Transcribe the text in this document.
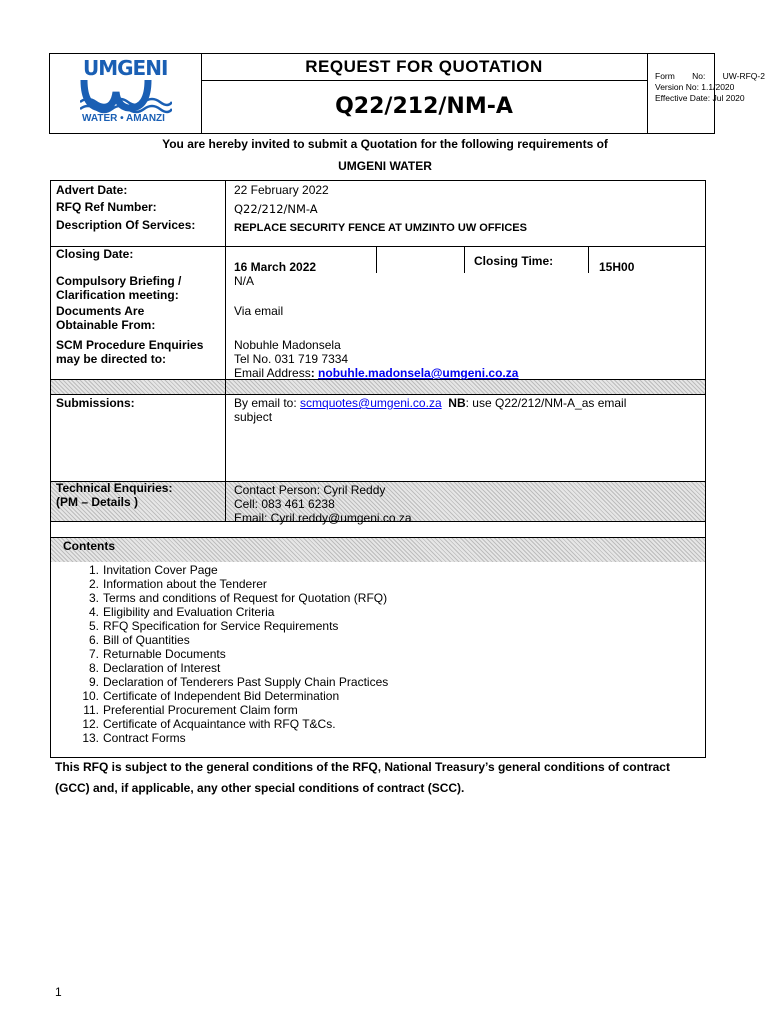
UMGENI
WATER • AMANZI
REQUEST FOR QUOTATION
Q22/212/NM-A
Form No: UW-RFQ-2
Version No: 1.1/2020
Effective Date: Jul 2020
You are hereby invited to submit a Quotation for the following requirements of
UMGENI WATER
Advert Date:
RFQ Ref Number:
Description Of Services:
Closing Date:
Compulsory Briefing /
Clarification meeting:
Documents Are
Obtainable From:
SCM Procedure Enquiries
may be directed to:
Submissions:
Technical Enquiries:
(PM – Details )
22 February 2022
Q22/212/NM-A
REPLACE SECURITY FENCE AT UMZINTO UW OFFICES
16 March 2022	Closing Time:	15H00
N/A
Via email
Nobuhle Madonsela
Tel No. 031 719 7334
Email Address: nobuhle.madonsela@umgeni.co.za
By email to: scmquotes@umgeni.co.za NB: use Q22/212/NM-A_as email
subject
Contact Person: Cyril Reddy
Cell: 083 461 6238
Email: Cyril.reddy@umgeni.co.za
Contents
1. Invitation Cover Page
2. Information about the Tenderer
3. Terms and conditions of Request for Quotation (RFQ)
4. Eligibility and Evaluation Criteria
5. RFQ Specification for Service Requirements
6. Bill of Quantities
7. Returnable Documents
8. Declaration of Interest
9. Declaration of Tenderers Past Supply Chain Practices
10. Certificate of Independent Bid Determination
11. Preferential Procurement Claim form
12. Certificate of Acquaintance with RFQ T&Cs.
13. Contract Forms
This RFQ is subject to the general conditions of the RFQ, National Treasury’s general conditions of contract
(GCC) and, if applicable, any other special conditions of contract (SCC).
1
